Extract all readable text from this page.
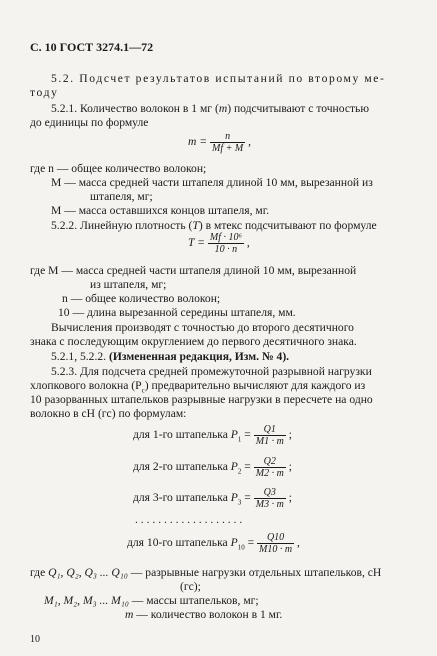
С. 10 ГОСТ 3274.1—72
5.2. Подсчет результатов испытаний по второму ме-
тоду
5.2.1. Количество волокон в 1 мг (m) подсчитывают с точностью
до единицы по формуле
$m = \frac{n}{Mf + M}$ ,
где n — общее количество волокон;
M — масса средней части штапеля длиной 10 мм, вырезанной из
штапеля, мг;
M — масса оставшихся концов штапеля, мг.
5.2.2. Линейную плотность (T) в мтекс подсчитывают по формуле
$T = \frac{\text{Mf · 10⁶}}{10 \cdot n}$ ,
где M — масса средней части штапеля длиной 10 мм, вырезанной
из штапеля, мг;
n — общее количество волокон;
10 — длина вырезанной середины штапеля, мм.
Вычисления производят с точностью до второго десятичного
знака с последующим округлением до первого десятичного знака.
5.2.1, 5.2.2. (Измененная редакция, Изм. № 4).
5.2.3. Для подсчета средней промежуточной разрывной нагрузки
хлопкового волокна $(P_c)$ предварительно вычисляют для каждого из
10 разорванных штапельков разрывные нагрузки в пересчете на одно
волокно в сН (гс) по формулам:
для 1-го штапелька $P_1 = \frac{Q1}{M1 \cdot m}$ ;
для 2-го штапелька $P_2 = \frac{Q2}{M2 \cdot m}$ ;
для 3-го штапелька $P_3 = \frac{Q3}{M3 \cdot m}$ ;
. . . . . . . . . . . . . . . . . . .
для 10-го штапелька $P_{10} = \frac{Q10}{M10 \cdot m}$ ,
где Q₁, Q₂, Q₃ ... Q₁₀ — разрывные нагрузки отдельных штапельков, сН
(гс);
M₁, M₂, M₃ ... M₁₀ — массы штапельков, мг;
m — количество волокон в 1 мг.
10
